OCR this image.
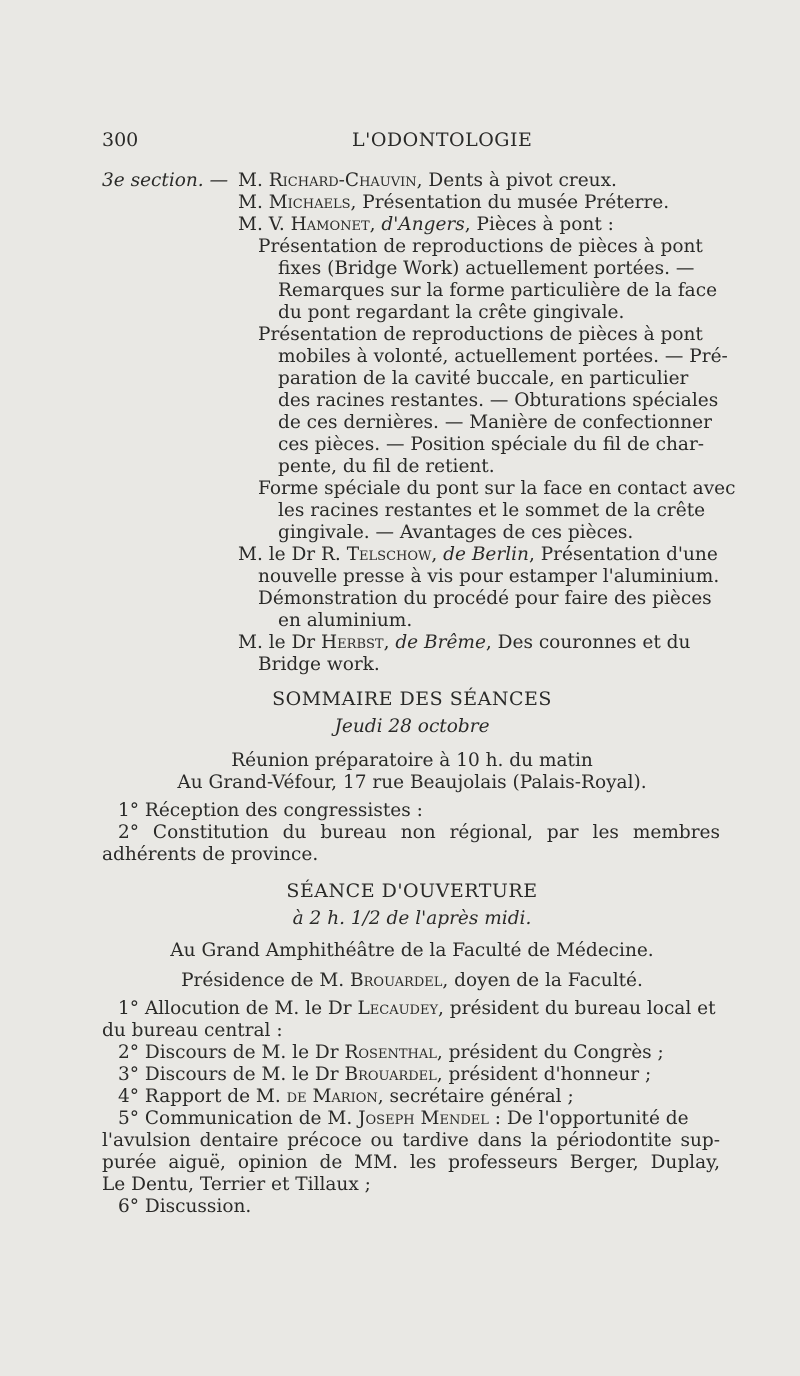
300	L'ODONTOLOGIE
3e section. — M. Richard-Chauvin, Dents à pivot creux.
M. Michaels, Présentation du musée Préterre.
M. V. Hamonet, d'Angers, Pièces à pont :
Présentation de reproductions de pièces à pont
fixes (Bridge Work) actuellement portées. —
Remarques sur la forme particulière de la face
du pont regardant la crête gingivale.
Présentation de reproductions de pièces à pont
mobiles à volonté, actuellement portées. — Pré-
paration de la cavité buccale, en particulier
des racines restantes. — Obturations spéciales
de ces dernières. — Manière de confectionner
ces pièces. — Position spéciale du fil de char-
pente, du fil de retient.
Forme spéciale du pont sur la face en contact avec
les racines restantes et le sommet de la crête
gingivale. — Avantages de ces pièces.
M. le Dr R. Telschow, de Berlin, Présentation d'une
nouvelle presse à vis pour estamper l'aluminium.
Démonstration du procédé pour faire des pièces
en aluminium.
M. le Dr Herbst, de Brême, Des couronnes et du
Bridge work.
SOMMAIRE DES SÉANCES
Jeudi 28 octobre
Réunion préparatoire à 10 h. du matin
Au Grand-Véfour, 17 rue Beaujolais (Palais-Royal).
1° Réception des congressistes :
2° Constitution du bureau non régional, par les membres
adhérents de province.
SÉANCE D'OUVERTURE
à 2 h. 1/2 de l'après midi.
Au Grand Amphithéâtre de la Faculté de Médecine.
Présidence de M. Brouardel, doyen de la Faculté.
1° Allocution de M. le Dr Lecaudey, président du bureau local et
du bureau central :
2° Discours de M. le Dr Rosenthal, président du Congrès ;
3° Discours de M. le Dr Brouardel, président d'honneur ;
4° Rapport de M. de Marion, secrétaire général ;
5° Communication de M. Joseph Mendel : De l'opportunité de
l'avulsion dentaire précoce ou tardive dans la périodontite sup-
purée aiguë, opinion de MM. les professeurs Berger, Duplay,
Le Dentu, Terrier et Tillaux ;
6° Discussion.
